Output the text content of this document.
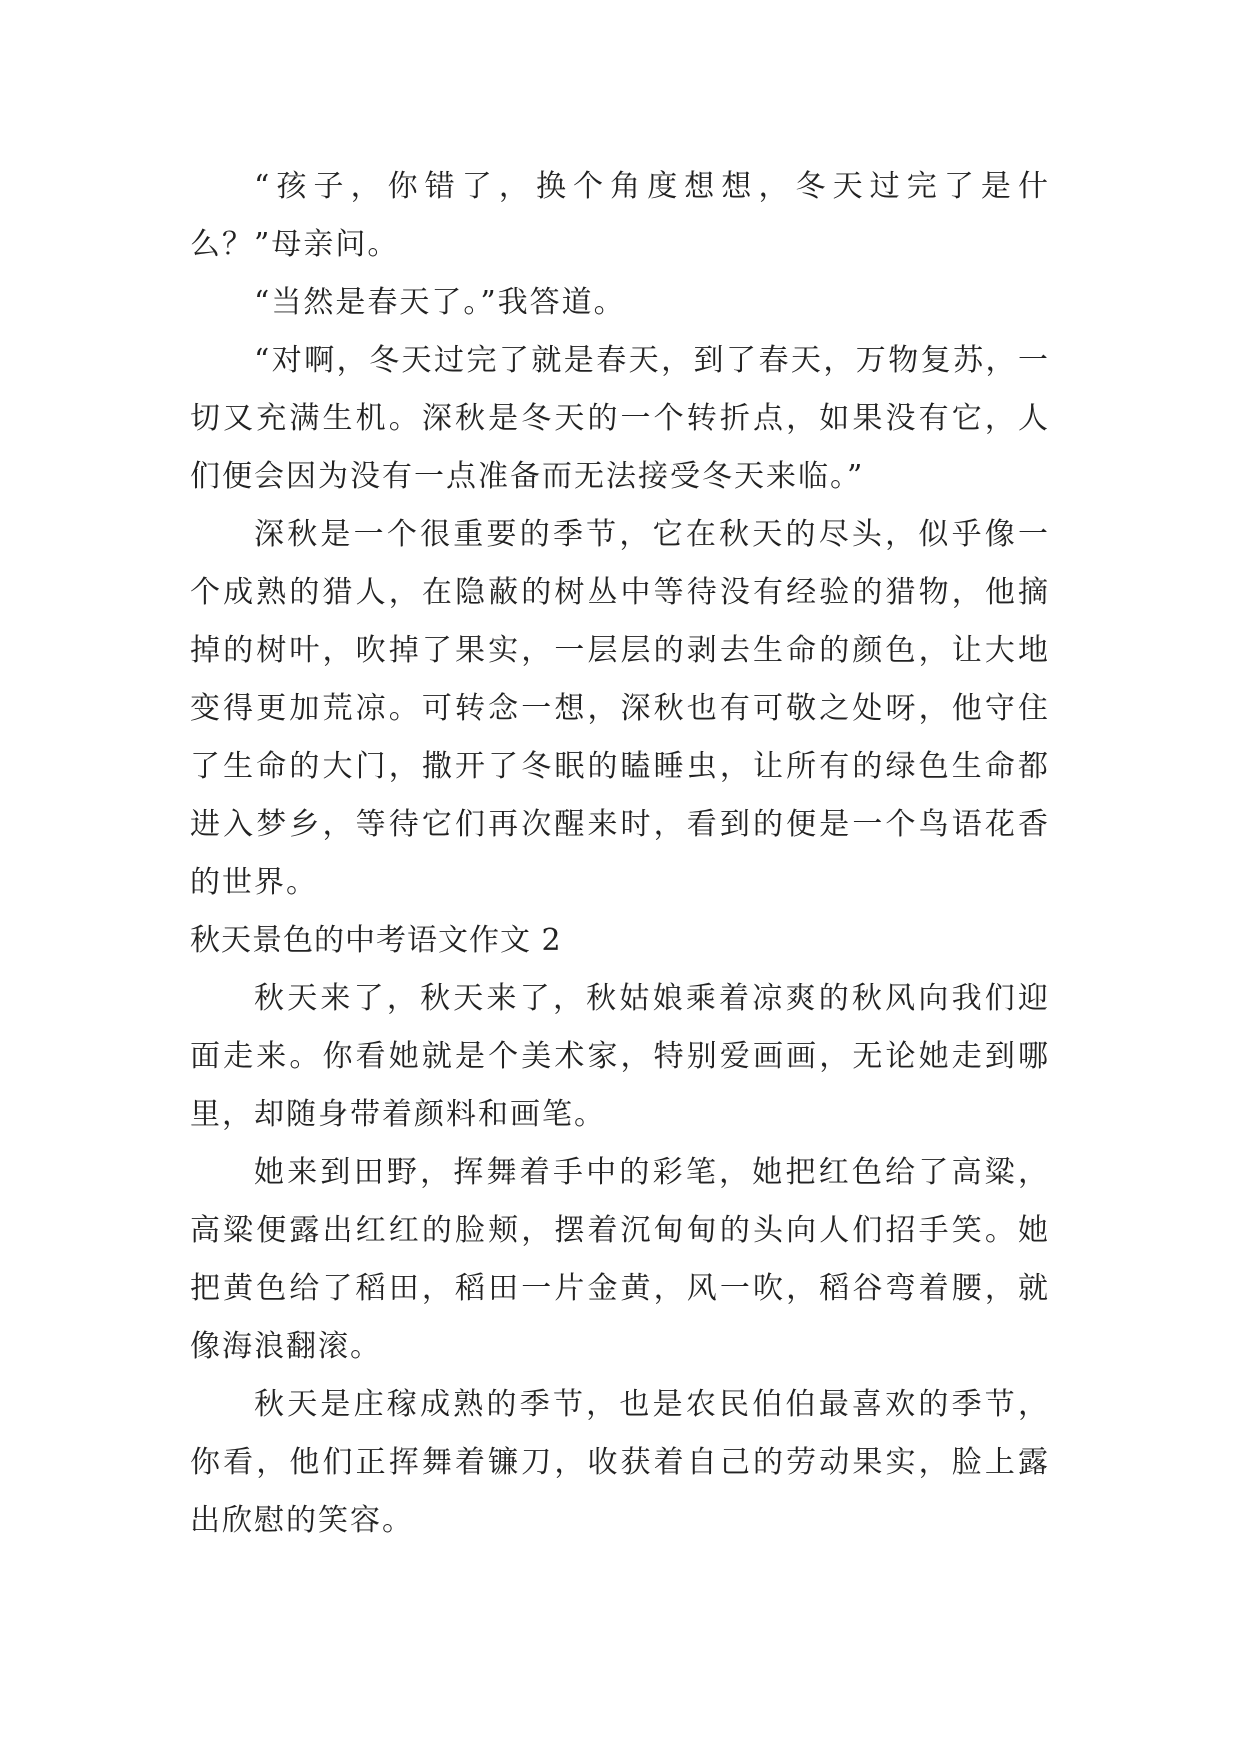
“孩子，你错了，换个角度想想，冬天过完了是什么？”母亲问。

“当然是春天了。”我答道。

“对啊，冬天过完了就是春天，到了春天，万物复苏，一切又充满生机。深秋是冬天的一个转折点，如果没有它，人们便会因为没有一点准备而无法接受冬天来临。”

深秋是一个很重要的季节，它在秋天的尽头，似乎像一个成熟的猎人，在隐蔽的树丛中等待没有经验的猎物，他摘掉的树叶，吹掉了果实，一层层的剥去生命的颜色，让大地变得更加荒凉。可转念一想，深秋也有可敬之处呀，他守住了生命的大门，撒开了冬眠的瞌睡虫，让所有的绿色生命都进入梦乡，等待它们再次醒来时，看到的便是一个鸟语花香的世界。

秋天景色的中考语文作文 2

秋天来了，秋天来了，秋姑娘乘着凉爽的秋风向我们迎面走来。你看她就是个美术家，特别爱画画，无论她走到哪里，却随身带着颜料和画笔。

她来到田野，挥舞着手中的彩笔，她把红色给了高粱，高粱便露出红红的脸颊，摆着沉甸甸的头向人们招手笑。她把黄色给了稻田，稻田一片金黄，风一吹，稻谷弯着腰，就像海浪翻滚。

秋天是庄稼成熟的季节，也是农民伯伯最喜欢的季节，你看，他们正挥舞着镰刀，收获着自己的劳动果实，脸上露出欣慰的笑容。
